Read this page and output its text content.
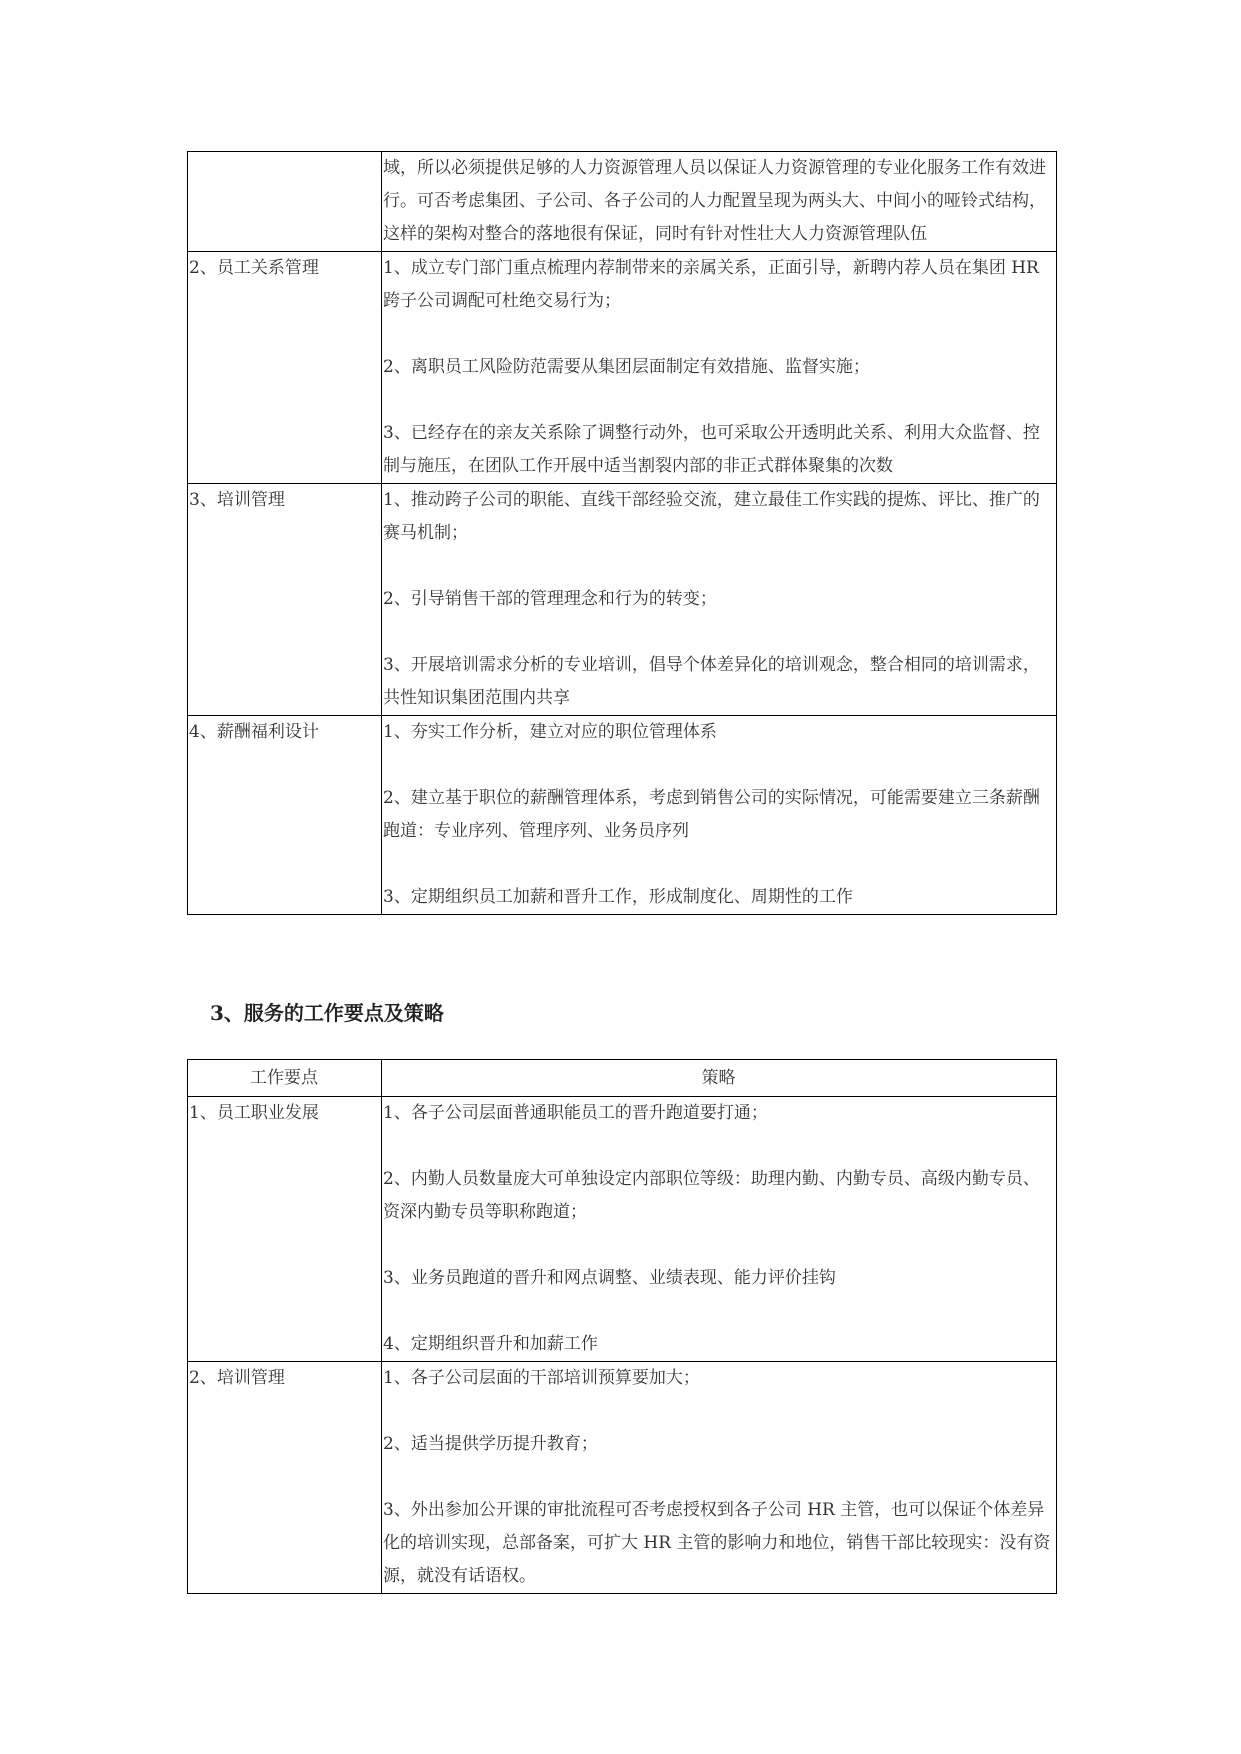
	域，所以必须提供足够的人力资源管理人员以保证人力资源管理的专业化服务工作有效进行。可否考虑集团、子公司、各子公司的人力配置呈现为两头大、中间小的哑铃式结构，这样的架构对整合的落地很有保证，同时有针对性壮大人力资源管理队伍

2、员工关系管理	1、成立专门部门重点梳理内荐制带来的亲属关系，正面引导，新聘内荐人员在集团 HR 跨子公司调配可杜绝交易行为；
2、离职员工风险防范需要从集团层面制定有效措施、监督实施；
3、已经存在的亲友关系除了调整行动外，也可采取公开透明此关系、利用大众监督、控制与施压，在团队工作开展中适当割裂内部的非正式群体聚集的次数

3、培训管理	1、推动跨子公司的职能、直线干部经验交流，建立最佳工作实践的提炼、评比、推广的赛马机制；
2、引导销售干部的管理理念和行为的转变；
3、开展培训需求分析的专业培训，倡导个体差异化的培训观念，整合相同的培训需求，共性知识集团范围内共享

4、薪酬福利设计	1、夯实工作分析，建立对应的职位管理体系
2、建立基于职位的薪酬管理体系，考虑到销售公司的实际情况，可能需要建立三条薪酬跑道：专业序列、管理序列、业务员序列
3、定期组织员工加薪和晋升工作，形成制度化、周期性的工作
3、服务的工作要点及策略
工作要点	策略
1、员工职业发展	1、各子公司层面普通职能员工的晋升跑道要打通；
2、内勤人员数量庞大可单独设定内部职位等级：助理内勤、内勤专员、高级内勤专员、资深内勤专员等职称跑道；
3、业务员跑道的晋升和网点调整、业绩表现、能力评价挂钩
4、定期组织晋升和加薪工作

2、培训管理	1、各子公司层面的干部培训预算要加大；
2、适当提供学历提升教育；
3、外出参加公开课的审批流程可否考虑授权到各子公司 HR 主管，也可以保证个体差异化的培训实现，总部备案，可扩大 HR 主管的影响力和地位，销售干部比较现实：没有资源，就没有话语权。
